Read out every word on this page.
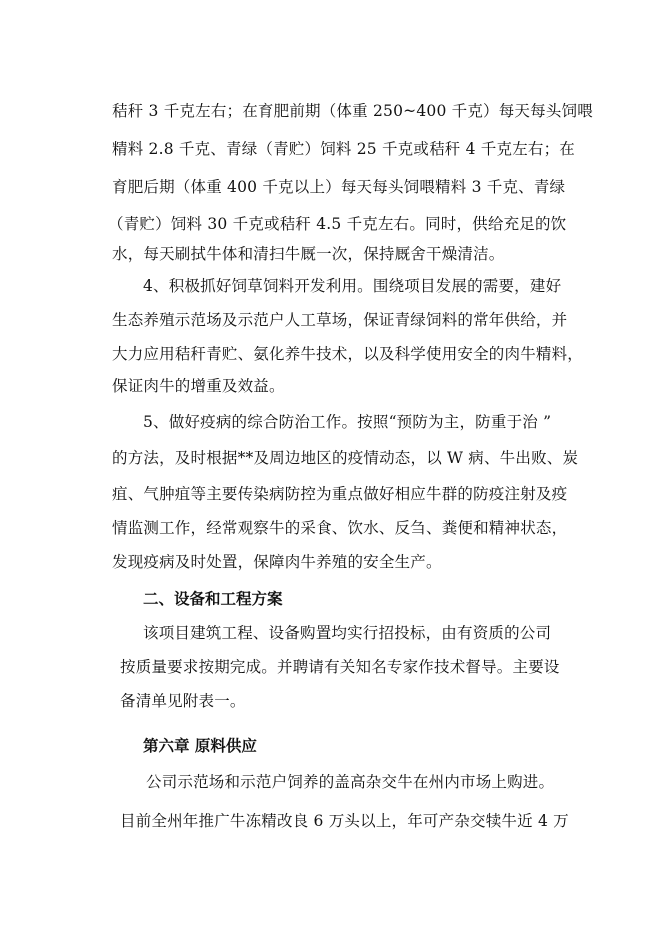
秸秆 3 千克左右；在育肥前期（体重 250~400 千克）每天每头饲喂
精料 2.8 千克、青绿（青贮）饲料 25 千克或秸秆 4 千克左右；在
育肥后期（体重 400 千克以上）每天每头饲喂精料 3 千克、青绿
（青贮）饲料 30 千克或秸秆 4.5 千克左右。同时，供给充足的饮
水，每天刷拭牛体和清扫牛厩一次，保持厩舍干燥清洁。
4、积极抓好饲草饲料开发利用。围绕项目发展的需要，建好
生态养殖示范场及示范户人工草场，保证青绿饲料的常年供给，并
大力应用秸秆青贮、氨化养牛技术，以及科学使用安全的肉牛精料，
保证肉牛的增重及效益。
5、做好疫病的综合防治工作。按照“预防为主，防重于治 ”
的方法，及时根据**及周边地区的疫情动态，以 W 病、牛出败、炭
疽、气肿疽等主要传染病防控为重点做好相应牛群的防疫注射及疫
情监测工作，经常观察牛的采食、饮水、反刍、粪便和精神状态，
发现疫病及时处置，保障肉牛养殖的安全生产。
二、设备和工程方案
该项目建筑工程、设备购置均实行招投标，由有资质的公司
按质量要求按期完成。并聘请有关知名专家作技术督导。主要设
备清单见附表一。
第六章 原料供应
公司示范场和示范户饲养的盖高杂交牛在州内市场上购进。
目前全州年推广牛冻精改良 6 万头以上，年可产杂交犊牛近 4 万
